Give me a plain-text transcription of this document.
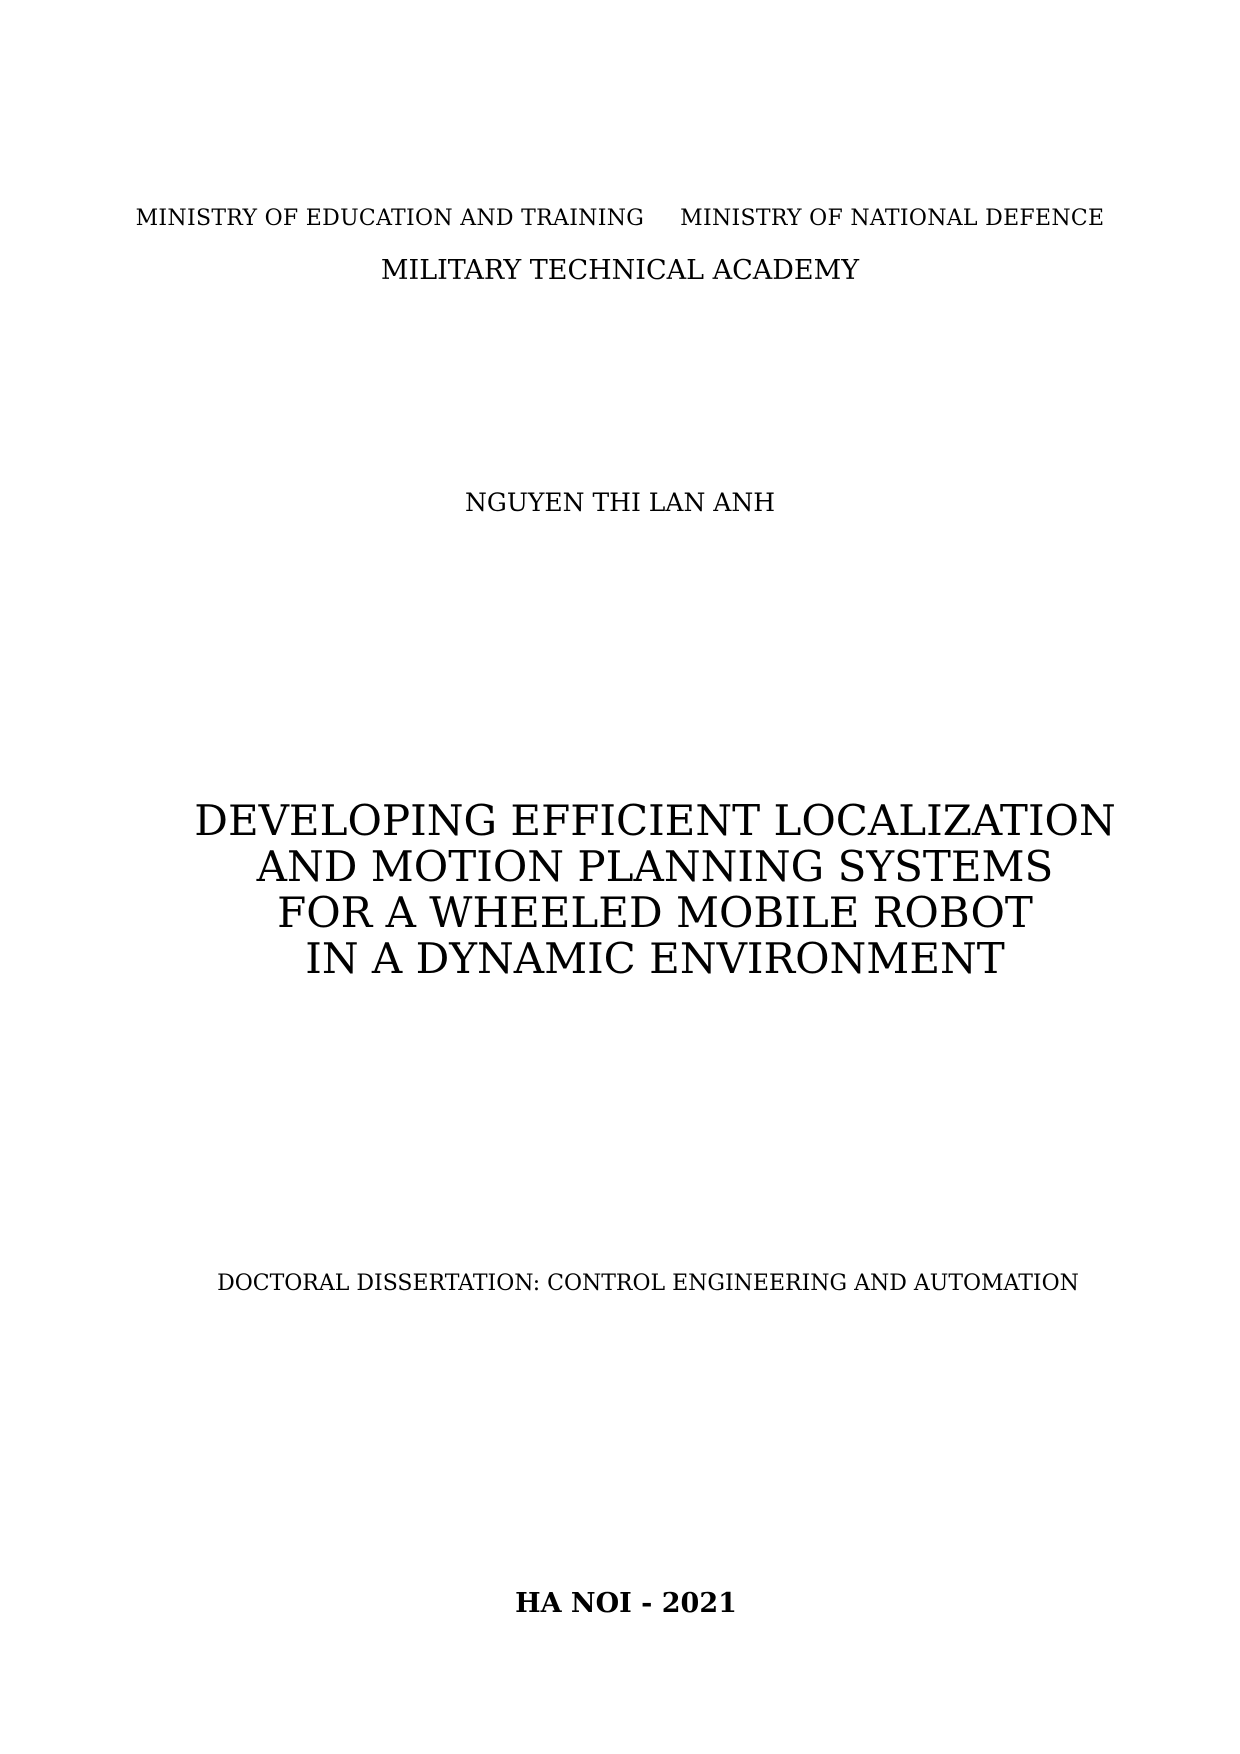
MINISTRY OF EDUCATION AND TRAINING MINISTRY OF NATIONAL DEFENCE
MILITARY TECHNICAL ACADEMY
NGUYEN THI LAN ANH
DEVELOPING EFFICIENT LOCALIZATION
AND MOTION PLANNING SYSTEMS
FOR A WHEELED MOBILE ROBOT
IN A DYNAMIC ENVIRONMENT
DOCTORAL DISSERTATION: CONTROL ENGINEERING AND AUTOMATION
HA NOI - 2021
